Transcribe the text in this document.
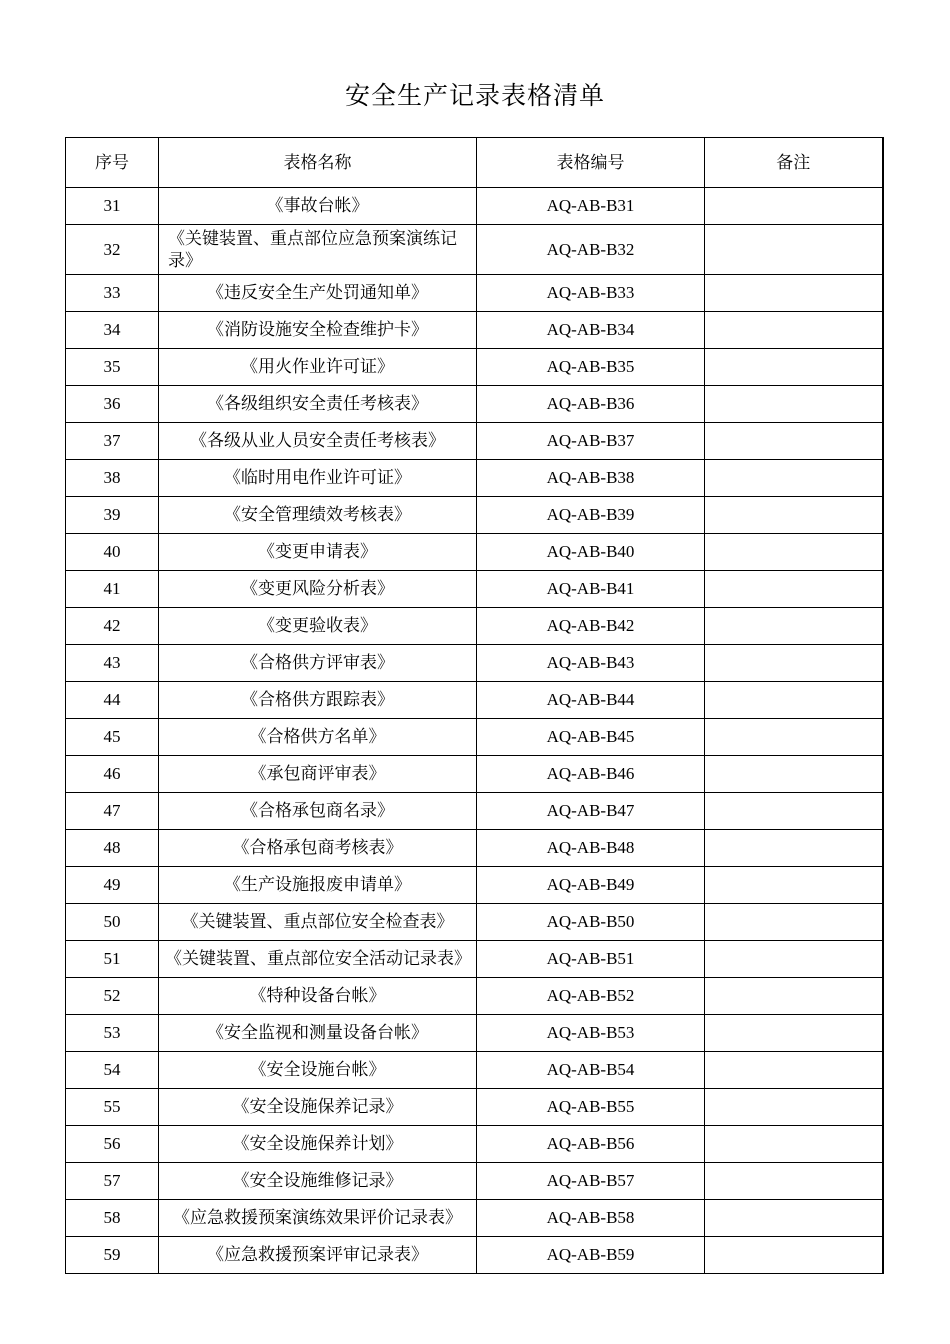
安全生产记录表格清单
序号	表格名称	表格编号	备注
31	《事故台帐》	AQ-AB-B31	
32	《关键装置、重点部位应急预案演练记录》	AQ-AB-B32	
33	《违反安全生产处罚通知单》	AQ-AB-B33	
34	《消防设施安全检查维护卡》	AQ-AB-B34	
35	《用火作业许可证》	AQ-AB-B35	
36	《各级组织安全责任考核表》	AQ-AB-B36	
37	《各级从业人员安全责任考核表》	AQ-AB-B37	
38	《临时用电作业许可证》	AQ-AB-B38	
39	《安全管理绩效考核表》	AQ-AB-B39	
40	《变更申请表》	AQ-AB-B40	
41	《变更风险分析表》	AQ-AB-B41	
42	《变更验收表》	AQ-AB-B42	
43	《合格供方评审表》	AQ-AB-B43	
44	《合格供方跟踪表》	AQ-AB-B44	
45	《合格供方名单》	AQ-AB-B45	
46	《承包商评审表》	AQ-AB-B46	
47	《合格承包商名录》	AQ-AB-B47	
48	《合格承包商考核表》	AQ-AB-B48	
49	《生产设施报废申请单》	AQ-AB-B49	
50	《关键装置、重点部位安全检查表》	AQ-AB-B50	
51	《关键装置、重点部位安全活动记录表》	AQ-AB-B51	
52	《特种设备台帐》	AQ-AB-B52	
53	《安全监视和测量设备台帐》	AQ-AB-B53	
54	《安全设施台帐》	AQ-AB-B54	
55	《安全设施保养记录》	AQ-AB-B55	
56	《安全设施保养计划》	AQ-AB-B56	
57	《安全设施维修记录》	AQ-AB-B57	
58	《应急救援预案演练效果评价记录表》	AQ-AB-B58	
59	《应急救援预案评审记录表》	AQ-AB-B59	
